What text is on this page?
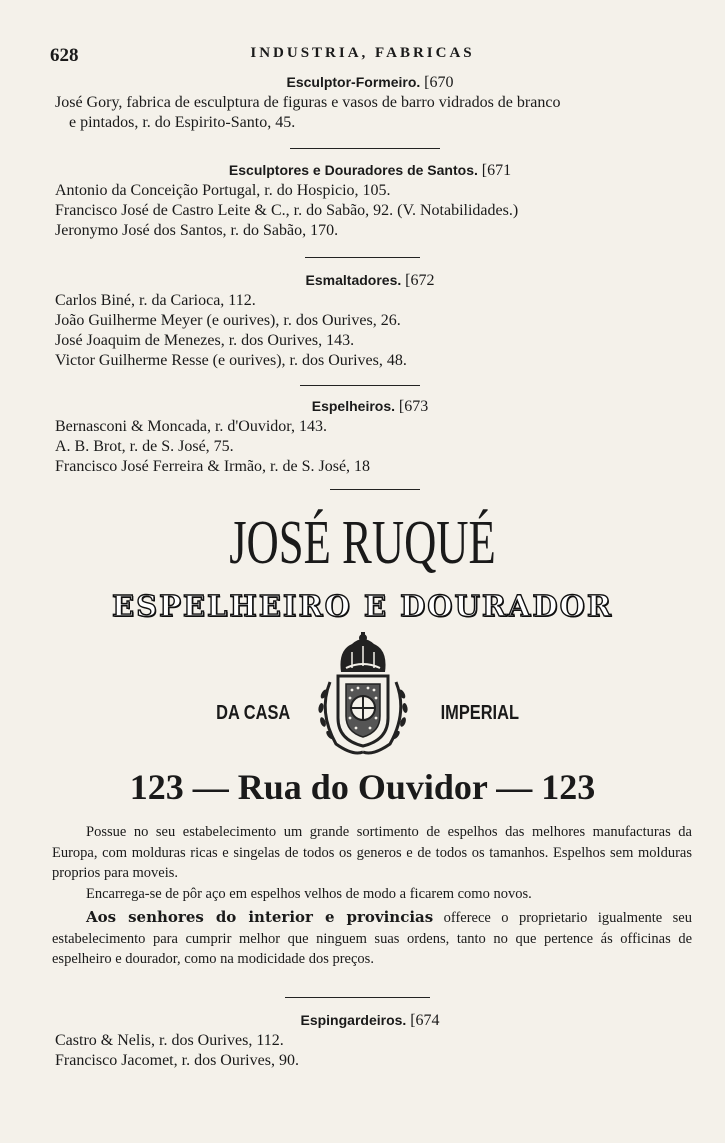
628	INDUSTRIA, FABRICAS
Esculptor-Formeiro. [670
José Gory, fabrica de esculptura de figuras e vasos de barro vidrados de branco
e pintados, r. do Espirito-Santo, 45.
Esculptores e Douradores de Santos. [671
Antonio da Conceição Portugal, r. do Hospicio, 105.
Francisco José de Castro Leite & C., r. do Sabão, 92. (V. Notabilidades.)
Jeronymo José dos Santos, r. do Sabão, 170.
Esmaltadores. [672
Carlos Biné, r. da Carioca, 112.
João Guilherme Meyer (e ourives), r. dos Ourives, 26.
José Joaquim de Menezes, r. dos Ourives, 143.
Victor Guilherme Resse (e ourives), r. dos Ourives, 48.
Espelheiros. [673
Bernasconi & Moncada, r. d'Ouvidor, 143.
A. B. Brot, r. de S. José, 75.
Francisco José Ferreira & Irmão, r. de S. José, 18
JOSÉ RUQUÉ
ESPELHEIRO E DOURADOR
DA CASA	IMPERIAL
123 — Rua do Ouvidor — 123

Possue no seu estabelecimento um grande sortimento de espelhos das melhores manufacturas da Europa, com molduras ricas e singelas de todos os generos e de todos os tamanhos. Espelhos sem molduras proprios para moveis.

Encarrega-se de pôr aço em espelhos velhos de modo a ficarem como novos.

Aos senhores do interior e provincias offerece o proprietario igualmente seu estabelecimento para cumprir melhor que ninguem suas ordens, tanto no que pertence ás officinas de espelheiro e dourador, como na modicidade dos preços.

Espingardeiros. [674
Castro & Nelis, r. dos Ourives, 112.
Francisco Jacomet, r. dos Ourives, 90.
